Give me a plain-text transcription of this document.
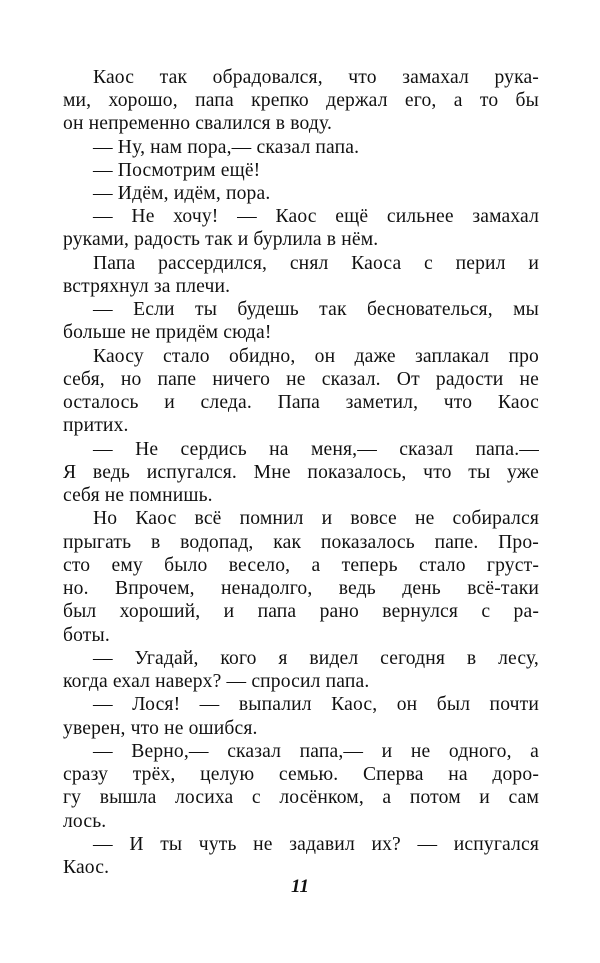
Каос так обрадовался, что замахал рука-
ми, хорошо, папа крепко держал его, а то бы
он непременно свалился в воду.
— Ну, нам пора,— сказал папа.
— Посмотрим ещё!
— Идём, идём, пора.
— Не хочу! — Каос ещё сильнее замахал
руками, радость так и бурлила в нём.
Папа рассердился, снял Каоса с перил и
встряхнул за плечи.
— Если ты будешь так беснователься, мы
больше не придём сюда!
Каосу стало обидно, он даже заплакал про
себя, но папе ничего не сказал. От радости не
осталось и следа. Папа заметил, что Каос
притих.
— Не сердись на меня,— сказал папа.—
Я ведь испугался. Мне показалось, что ты уже
себя не помнишь.
Но Каос всё помнил и вовсе не собирался
прыгать в водопад, как показалось папе. Про-
сто ему было весело, а теперь стало груст-
но. Впрочем, ненадолго, ведь день всё-таки
был хороший, и папа рано вернулся с ра-
боты.
— Угадай, кого я видел сегодня в лесу,
когда ехал наверх? — спросил папа.
— Лося! — выпалил Каос, он был почти
уверен, что не ошибся.
— Верно,— сказал папа,— и не одного, а
сразу трёх, целую семью. Сперва на доро-
гу вышла лосиха с лосёнком, а потом и сам
лось.
— И ты чуть не задавил их? — испугался
Каос.
11
